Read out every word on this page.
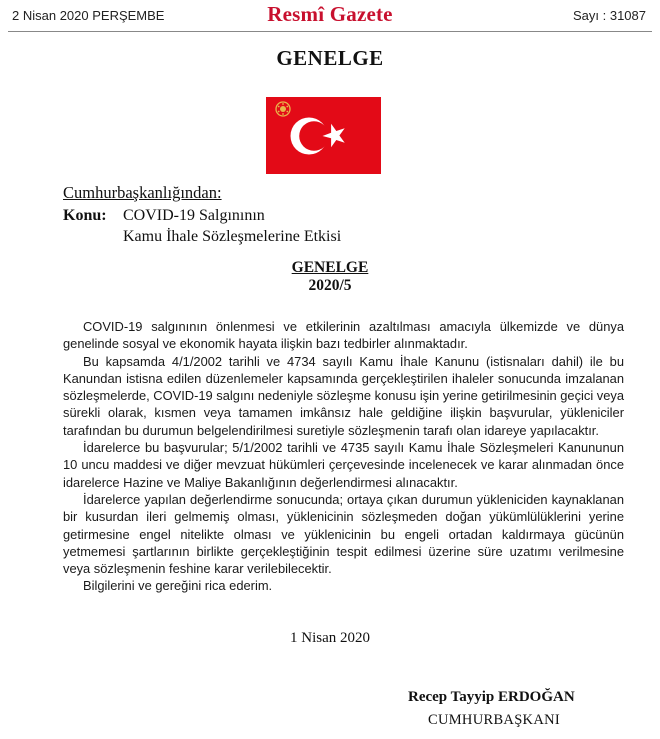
2 Nisan 2020 PERŞEMBE	Resmî Gazete	Sayı : 31087
GENELGE
Cumhurbaşkanlığından:
Konu: COVID-19 Salgınının
Kamu İhale Sözleşmelerine Etkisi
GENELGE
2020/5

COVID-19 salgınının önlenmesi ve etkilerinin azaltılması amacıyla ülkemizde ve dünya genelinde sosyal ve ekonomik hayata ilişkin bazı tedbirler alınmaktadır.

Bu kapsamda 4/1/2002 tarihli ve 4734 sayılı Kamu İhale Kanunu (istisnaları dahil) ile bu Kanundan istisna edilen düzenlemeler kapsamında gerçekleştirilen ihaleler sonucunda imzalanan sözleşmelerde, COVID-19 salgını nedeniyle sözleşme konusu işin yerine getirilmesinin geçici veya sürekli olarak, kısmen veya tamamen imkânsız hale geldiğine ilişkin başvurular, yükleniciler tarafından bu durumun belgelendirilmesi suretiyle sözleşmenin tarafı olan idareye yapılacaktır.

İdarelerce bu başvurular; 5/1/2002 tarihli ve 4735 sayılı Kamu İhale Sözleşmeleri Kanununun 10 uncu maddesi ve diğer mevzuat hükümleri çerçevesinde incelenecek ve karar alınmadan önce idarelerce Hazine ve Maliye Bakanlığının değerlendirmesi alınacaktır.

İdarelerce yapılan değerlendirme sonucunda; ortaya çıkan durumun yükleniciden kaynaklanan bir kusurdan ileri gelmemiş olması, yüklenicinin sözleşmeden doğan yükümlülüklerini yerine getirmesine engel nitelikte olması ve yüklenicinin bu engeli ortadan kaldırmaya gücünün yetmemesi şartlarının birlikte gerçekleştiğinin tespit edilmesi üzerine süre uzatımı verilmesine veya sözleşmenin feshine karar verilebilecektir.

Bilgilerini ve gereğini rica ederim.

1 Nisan 2020
Recep Tayyip ERDOĞAN
CUMHURBAŞKANI
